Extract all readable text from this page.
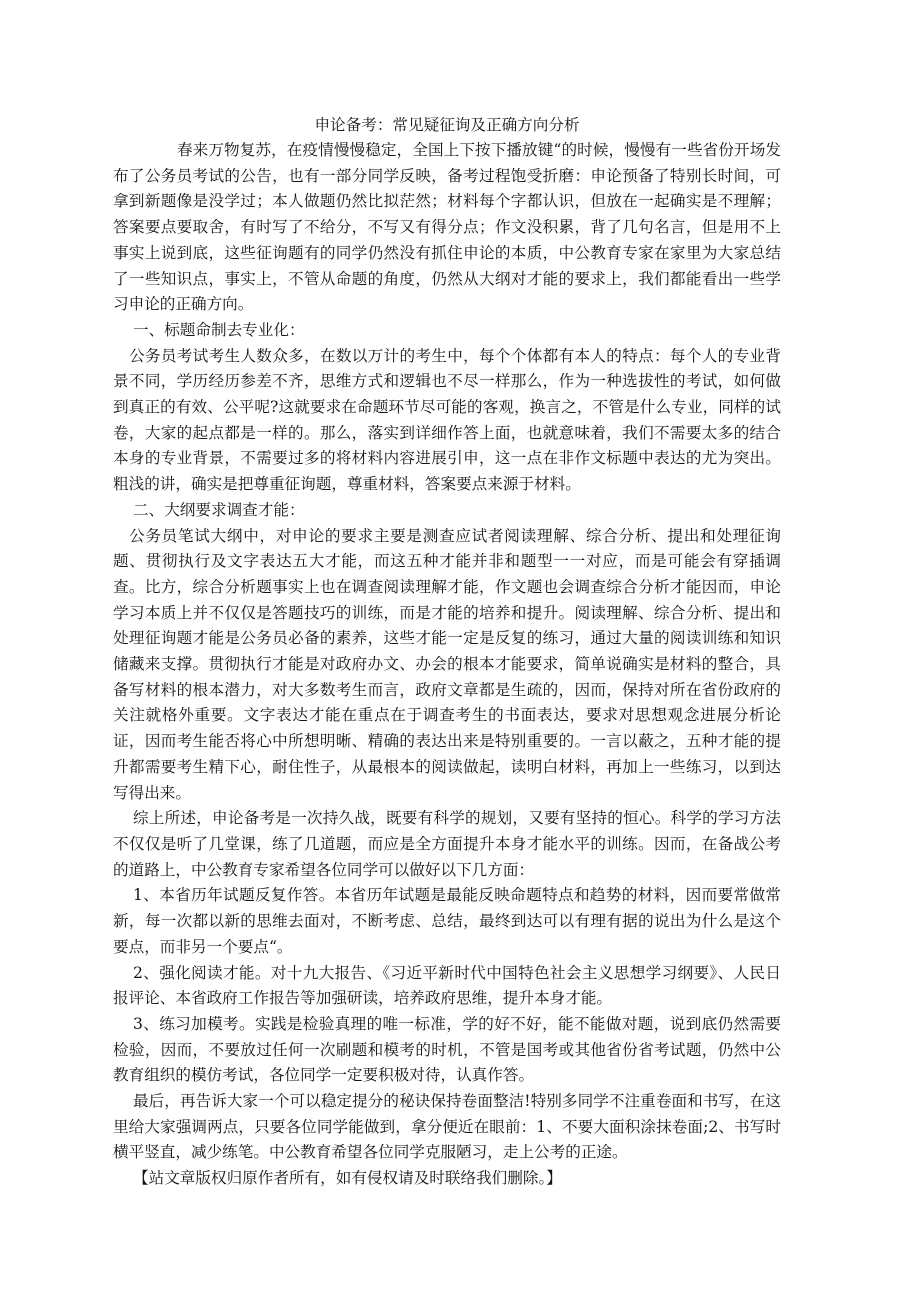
申论备考：常见疑征询及正确方向分析

春来万物复苏，在疫情慢慢稳定，全国上下按下播放键“的时候，慢慢有一些省份开场发布了公务员考试的公告，也有一部分同学反映，备考过程饱受折磨：申论预备了特别长时间，可拿到新题像是没学过；本人做题仍然比拟茫然；材料每个字都认识，但放在一起确实是不理解；答案要点要取舍，有时写了不给分，不写又有得分点；作文没积累，背了几句名言，但是用不上事实上说到底，这些征询题有的同学仍然没有抓住申论的本质，中公教育专家在家里为大家总结了一些知识点，事实上，不管从命题的角度，仍然从大纲对才能的要求上，我们都能看出一些学习申论的正确方向。

一、标题命制去专业化：

公务员考试考生人数众多，在数以万计的考生中，每个个体都有本人的特点：每个人的专业背景不同，学历经历参差不齐，思维方式和逻辑也不尽一样那么，作为一种选拔性的考试，如何做到真正的有效、公平呢?这就要求在命题环节尽可能的客观，换言之，不管是什么专业，同样的试卷，大家的起点都是一样的。那么，落实到详细作答上面，也就意味着，我们不需要太多的结合本身的专业背景，不需要过多的将材料内容进展引申，这一点在非作文标题中表达的尤为突出。粗浅的讲，确实是把尊重征询题，尊重材料，答案要点来源于材料。

二、大纲要求调查才能：

公务员笔试大纲中，对申论的要求主要是测查应试者阅读理解、综合分析、提出和处理征询题、贯彻执行及文字表达五大才能，而这五种才能并非和题型一一对应，而是可能会有穿插调查。比方，综合分析题事实上也在调查阅读理解才能，作文题也会调查综合分析才能因而，申论学习本质上并不仅仅是答题技巧的训练，而是才能的培养和提升。阅读理解、综合分析、提出和处理征询题才能是公务员必备的素养，这些才能一定是反复的练习，通过大量的阅读训练和知识储藏来支撑。贯彻执行才能是对政府办文、办会的根本才能要求，简单说确实是材料的整合，具备写材料的根本潜力，对大多数考生而言，政府文章都是生疏的，因而，保持对所在省份政府的关注就格外重要。文字表达才能在重点在于调查考生的书面表达，要求对思想观念进展分析论证，因而考生能否将心中所想明晰、精确的表达出来是特别重要的。一言以蔽之，五种才能的提升都需要考生精下心，耐住性子，从最根本的阅读做起，读明白材料，再加上一些练习，以到达写得出来。

综上所述，申论备考是一次持久战，既要有科学的规划，又要有坚持的恒心。科学的学习方法不仅仅是听了几堂课，练了几道题，而应是全方面提升本身才能水平的训练。因而，在备战公考的道路上，中公教育专家希望各位同学可以做好以下几方面：

1、本省历年试题反复作答。本省历年试题是最能反映命题特点和趋势的材料，因而要常做常新，每一次都以新的思维去面对，不断考虑、总结，最终到达可以有理有据的说出为什么是这个要点，而非另一个要点“。

2、强化阅读才能。对十九大报告、《习近平新时代中国特色社会主义思想学习纲要》、人民日报评论、本省政府工作报告等加强研读，培养政府思维，提升本身才能。

3、练习加模考。实践是检验真理的唯一标准，学的好不好，能不能做对题，说到底仍然需要检验，因而，不要放过任何一次刷题和模考的时机，不管是国考或其他省份省考试题，仍然中公教育组织的模仿考试，各位同学一定要积极对待，认真作答。

最后，再告诉大家一个可以稳定提分的秘诀保持卷面整洁!特别多同学不注重卷面和书写，在这里给大家强调两点，只要各位同学能做到，拿分便近在眼前：1、不要大面积涂抹卷面;2、书写时横平竖直，减少练笔。中公教育希望各位同学克服陋习，走上公考的正途。

【站文章版权归原作者所有，如有侵权请及时联络我们删除。】
